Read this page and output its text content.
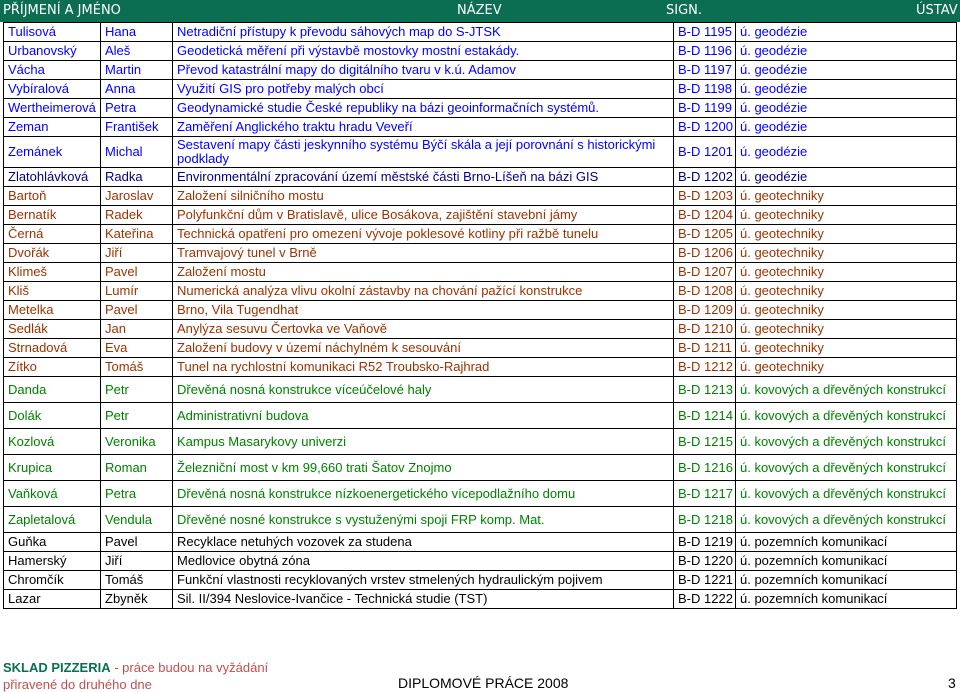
PŘÍJMENÍ A JMÉNO	NÁZEV	SIGN.	ÚSTAV
Tulisová	Hana	Netradiční přístupy k převodu sáhových map do S-JTSK	B-D 1195	ú. geodézie
Urbanovský	Aleš	Geodetická měření při výstavbě mostovky mostní estakády.	B-D 1196	ú. geodézie
Vácha	Martin	Převod katastrální mapy do digitálního tvaru v k.ú. Adamov	B-D 1197	ú. geodézie
Vybíralová	Anna	Využití GIS pro potřeby malých obcí	B-D 1198	ú. geodézie
Wertheimerová	Petra	Geodynamické studie České republiky na bázi geoinformačních systémů.	B-D 1199	ú. geodézie
Zeman	František	Zaměření Anglického traktu hradu Veveří	B-D 1200	ú. geodézie
Zemánek	Michal	Sestavení mapy části jeskynního systému Býčí skála a její porovnání s historickými podklady	B-D 1201	ú. geodézie
Zlatohlávková	Radka	Environmentální zpracování území městské části Brno-Líšeň na bázi GIS	B-D 1202	ú. geodézie
Bartoň	Jaroslav	Založení silničního mostu	B-D 1203	ú. geotechniky
Bernatík	Radek	Polyfunkční dům v Bratislavě, ulice Bosákova, zajištění stavební jámy	B-D 1204	ú. geotechniky
Černá	Kateřina	Technická opatření pro omezení vývoje poklesové kotliny při ražbě tunelu	B-D 1205	ú. geotechniky
Dvořák	Jiří	Tramvajový tunel v Brně	B-D 1206	ú. geotechniky
Klimeš	Pavel	Založení mostu	B-D 1207	ú. geotechniky
Kliš	Lumír	Numerická analýza vlivu okolní zástavby na chování pažící konstrukce	B-D 1208	ú. geotechniky
Metelka	Pavel	Brno, Vila Tugendhat	B-D 1209	ú. geotechniky
Sedlák	Jan	Anylýza sesuvu Čertovka ve Vaňově	B-D 1210	ú. geotechniky
Strnadová	Eva	Založení budovy v území náchylném k sesouvání	B-D 1211	ú. geotechniky
Zítko	Tomáš	Tunel na rychlostní komunikaci R52 Troubsko-Rajhrad	B-D 1212	ú. geotechniky
Danda	Petr	Dřevěná nosná konstrukce víceúčelové haly	B-D 1213	ú. kovových a dřevěných konstrukcí
Dolák	Petr	Administrativní budova	B-D 1214	ú. kovových a dřevěných konstrukcí
Kozlová	Veronika	Kampus Masarykovy univerzi	B-D 1215	ú. kovových a dřevěných konstrukcí
Krupica	Roman	Železniční most v km 99,660 trati Šatov Znojmo	B-D 1216	ú. kovových a dřevěných konstrukcí
Vaňková	Petra	Dřevěná nosná konstrukce nízkoenergetického vícepodlažního domu	B-D 1217	ú. kovových a dřevěných konstrukcí
Zapletalová	Vendula	Dřevěné nosné konstrukce s vystuženými spoji FRP komp. Mat.	B-D 1218	ú. kovových a dřevěných konstrukcí
Guňka	Pavel	Recyklace netuhých vozovek za studena	B-D 1219	ú. pozemních komunikací
Hamerský	Jiří	Medlovice obytná zóna	B-D 1220	ú. pozemních komunikací
Chromčík	Tomáš	Funkční vlastnosti recyklovaných vrstev stmelených hydraulickým pojivem	B-D 1221	ú. pozemních komunikací
Lazar	Zbyněk	Sil. II/394 Neslovice-Ivančice - Technická studie (TST)	B-D 1222	ú. pozemních komunikací
SKLAD PIZZERIA - práce budou na vyžádání
přiravené do druhého dne	DIPLOMOVÉ PRÁCE 2008	3
